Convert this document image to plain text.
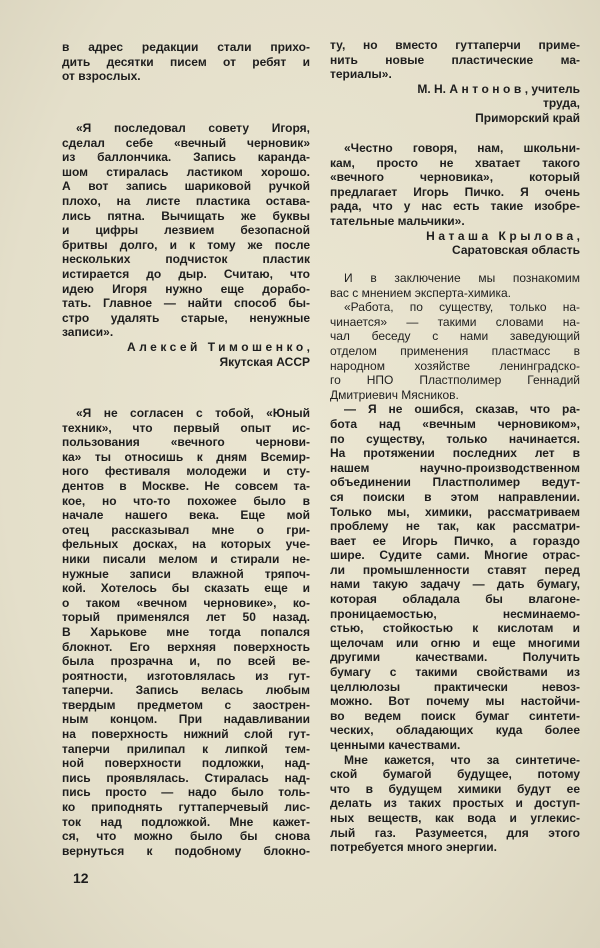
в адрес редакции стали прихо-
дить десятки писем от ребят и
от взрослых.
«Я последовал совету Игоря,
сделал себе «вечный черновик»
из баллончика. Запись каранда-
шом стиралась ластиком хорошо.
А вот запись шариковой ручкой
плохо, на листе пластика остава-
лись пятна. Вычищать же буквы
и цифры лезвием безопасной
бритвы долго, и к тому же после
нескольких подчисток пластик
истирается до дыр. Считаю, что
идею Игоря нужно еще дорабо-
тать. Главное — найти способ бы-
стро удалять старые, ненужные
записи».
Алексей Тимошенко,
Якутская АССР
«Я не согласен с тобой, «Юный
техник», что первый опыт ис-
пользования «вечного чернови-
ка» ты относишь к дням Всемир-
ного фестиваля молодежи и сту-
дентов в Москве. Не совсем та-
кое, но что-то похожее было в
начале нашего века. Еще мой
отец рассказывал мне о гри-
фельных досках, на которых уче-
ники писали мелом и стирали не-
нужные записи влажной тряпоч-
кой. Хотелось бы сказать еще и
о таком «вечном черновике», ко-
торый применялся лет 50 назад.
В Харькове мне тогда попался
блокнот. Его верхняя поверхность
была прозрачна и, по всей ве-
роятности, изготовлялась из гут-
таперчи. Запись велась любым
твердым предметом с заострен-
ным концом. При надавливании
на поверхность нижний слой гут-
таперчи прилипал к липкой тем-
ной поверхности подложки, над-
пись проявлялась. Стиралась над-
пись просто — надо было толь-
ко приподнять гуттаперчевый лис-
ток над подложкой. Мне кажет-
ся, что можно было бы снова
вернуться к подобному блокно-
ту, но вместо гуттаперчи приме-
нить новые пластические ма-
териалы».
М. Н. Антонов, учитель
труда,
Приморский край
«Честно говоря, нам, школьни-
кам, просто не хватает такого
«вечного черновика», который
предлагает Игорь Пичко. Я очень
рада, что у нас есть такие изобре-
тательные мальчики».
Наташа Крылова,
Саратовская область
И в заключение мы познакомим
вас с мнением эксперта-химика.
«Работа, по существу, только на-
чинается» — такими словами на-
чал беседу с нами заведующий
отделом применения пластмасс в
народном хозяйстве ленинградско-
го НПО Пластполимер Геннадий
Дмитриевич Мясников.
— Я не ошибся, сказав, что ра-
бота над «вечным черновиком»,
по существу, только начинается.
На протяжении последних лет в
нашем научно-производственном
объединении Пластполимер ведут-
ся поиски в этом направлении.
Только мы, химики, рассматриваем
проблему не так, как рассматри-
вает ее Игорь Пичко, а гораздо
шире. Судите сами. Многие отрас-
ли промышленности ставят перед
нами такую задачу — дать бумагу,
которая обладала бы влагоне-
проницаемостью, несминаемо-
стью, стойкостью к кислотам и
щелочам или огню и еще многими
другими качествами. Получить
бумагу с такими свойствами из
целлюлозы практически невоз-
можно. Вот почему мы настойчи-
во ведем поиск бумаг синтети-
ческих, обладающих куда более
ценными качествами.
Мне кажется, что за синтетиче-
ской бумагой будущее, потому
что в будущем химики будут ее
делать из таких простых и доступ-
ных веществ, как вода и углекис-
лый газ. Разумеется, для этого
потребуется много энергии.
12
